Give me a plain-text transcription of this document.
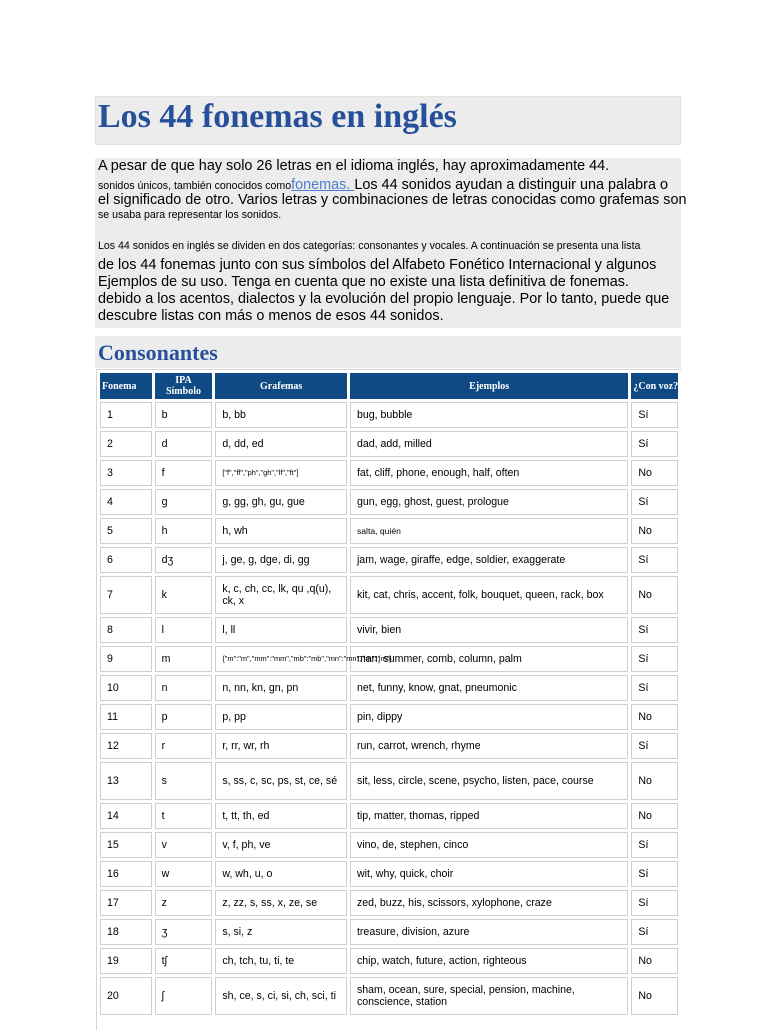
Los 44 fonemas en inglés
A pesar de que hay solo 26 letras en el idioma inglés, hay aproximadamente 44.
sonidos únicos, también conocidos comofonemas. Los 44 sonidos ayudan a distinguir una palabra o
el significado de otro. Varios letras y combinaciones de letras conocidas como grafemas son
se usaba para representar los sonidos.
Los 44 sonidos en inglés se dividen en dos categorías: consonantes y vocales. A continuación se presenta una lista
de los 44 fonemas junto con sus símbolos del Alfabeto Fonético Internacional y algunos
Ejemplos de su uso. Tenga en cuenta que no existe una lista definitiva de fonemas.
debido a los acentos, dialectos y la evolución del propio lenguaje. Por lo tanto, puede que
descubre listas con más o menos de esos 44 sonidos.
Consonantes
Fonema	IPA
Símbolo	Grafemas	Ejemplos	¿Con voz?
1	b	b, bb	bug, bubble	Sí
2	d	d, dd, ed	dad, add, milled	Sí
3	f	["f","ff","ph","gh","lf","ft"]	fat, cliff, phone, enough, half, often	No
4	g	g, gg, gh, gu, gue	gun, egg, ghost, guest, prologue	Sí
5	h	h, wh	salta, quién	No
6	dʒ	j, ge, g, dge, di, gg	jam, wage, giraffe, edge, soldier, exaggerate	Sí
7	k	k, c, ch, cc, lk, qu ,q(u), ck, x	kit, cat, chris, accent, folk, bouquet, queen, rack, box	No
8	l	l, ll	vivir, bien	Sí
9	m	{"m":"m","mm":"mm","mb":"mb","mn":"mn","lm":"lm"}	man, summer, comb, column, palm	Sí
10	n	n, nn, kn, gn, pn	net, funny, know, gnat, pneumonic	Sí
11	p	p, pp	pin, dippy	No
12	r	r, rr, wr, rh	run, carrot, wrench, rhyme	Sí
13	s	s, ss, c, sc, ps, st, ce, sé	sit, less, circle, scene, psycho, listen, pace, course	No
14	t	t, tt, th, ed	tip, matter, thomas, ripped	No
15	v	v, f, ph, ve	vino, de, stephen, cinco	Sí
16	w	w, wh, u, o	wit, why, quick, choir	Sí
17	z	z, zz, s, ss, x, ze, se	zed, buzz, his, scissors, xylophone, craze	Sí
18	ʒ	s, si, z	treasure, division, azure	Sí
19	tʃ	ch, tch, tu, ti, te	chip, watch, future, action, righteous	No
20	ʃ	sh, ce, s, ci, si, ch, sci, ti	sham, ocean, sure, special, pension, machine, conscience, station	No
